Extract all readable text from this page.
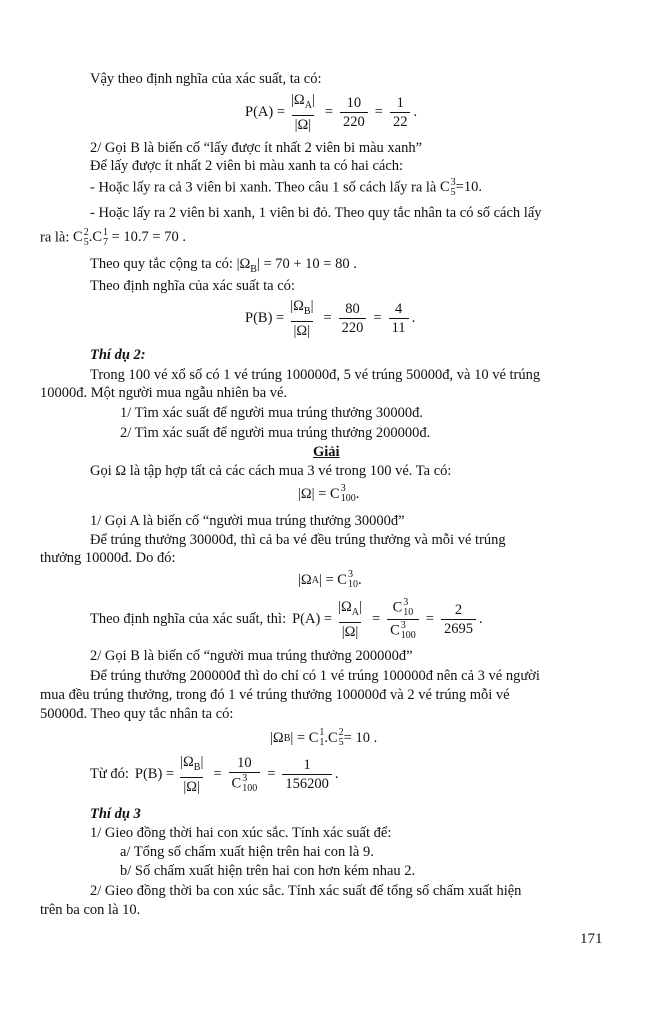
Vậy theo định nghĩa của xác suất, ta có:
$P(A) = \frac{|\Omega_A|}{|\Omega|} = \frac{10}{220} = \frac{1}{22}$ .
2/ Gọi B là biến cố “lấy được ít nhất 2 viên bi màu xanh”
Để lấy được ít nhất 2 viên bi màu xanh ta có hai cách:
- Hoặc lấy ra cả 3 viên bi xanh. Theo câu 1 số cách lấy ra là C 3
5 =10.
- Hoặc lấy ra 2 viên bi xanh, 1 viên bi đỏ. Theo quy tắc nhân ta có số cách lấy
ra là: C 2
5 .C 1
7 = 10.7 = 70 .
Theo quy tắc cộng ta có: $|\Omega_B| = 70 + 10 = 80$ .
Theo định nghĩa của xác suất ta có:
$P(B) = \frac{|\Omega_B|}{|\Omega|} = \frac{80}{220} = \frac{4}{11}$ .
Thí dụ 2:
Trong 100 vé xổ số có 1 vé trúng 100000đ, 5 vé trúng 50000đ, và 10 vé trúng
10000đ. Một người mua ngẫu nhiên ba vé.
1/ Tìm xác suất để người mua trúng thưởng 30000đ.
2/ Tìm xác suất để người mua trúng thưởng 200000đ.
Giải
Gọi Ω là tập hợp tất cả các cách mua 3 vé trong 100 vé. Ta có:
|Ω| = C 3
100 .
1/ Gọi A là biến cố “người mua trúng thưởng 30000đ”
Để trúng thưởng 30000đ, thì cả ba vé đều trúng thưởng và mỗi vé trúng
thưởng 10000đ. Do đó:
|Ω A | = C 3
10 .
Theo định nghĩa của xác suất, thì: $P(A) = \frac{|\Omega_A|}{|\Omega|} = C$ 3
10
C 3
$100 = \frac{2}{2695}$ .
2/ Gọi B là biến cố “người mua trúng thưởng 200000đ”
Để trúng thưởng 200000đ thì do chỉ có 1 vé trúng 100000đ nên cả 3 vé người
mua đều trúng thưởng, trong đó 1 vé trúng thưởng 100000đ và 2 vé trúng mỗi vé
50000đ. Theo quy tắc nhân ta có:
|Ω B | = C 1
1 .C 2
5 = 10 .
Từ đó: $P(B) = \frac{|\Omega_B|}{|\Omega|} = 10$
C 3
$100 = \frac{1}{156200}$ .
Thí dụ 3
1/ Gieo đồng thời hai con xúc sắc. Tính xác suất để:
a/ Tổng số chấm xuất hiện trên hai con là 9.
b/ Số chấm xuất hiện trên hai con hơn kém nhau 2.
2/ Gieo đồng thời ba con xúc sắc. Tính xác suất để tổng số chấm xuất hiện
trên ba con là 10.
171
